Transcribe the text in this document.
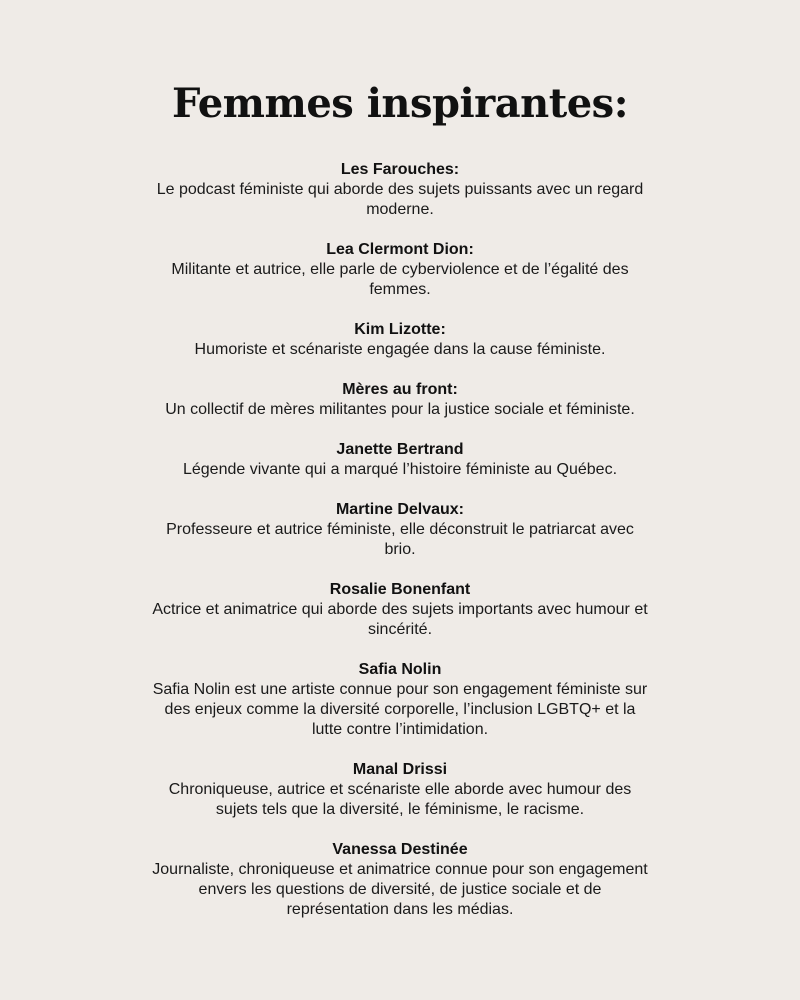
Femmes inspirantes:
Les Farouches:
Le podcast féministe qui aborde des sujets puissants avec un regard moderne.
Lea Clermont Dion:
Militante et autrice, elle parle de cyberviolence et de l’égalité des femmes.
Kim Lizotte:
Humoriste et scénariste engagée dans la cause féministe.
Mères au front:
Un collectif de mères militantes pour la justice sociale et féministe.
Janette Bertrand
Légende vivante qui a marqué l’histoire féministe au Québec.
Martine Delvaux:
Professeure et autrice féministe, elle déconstruit le patriarcat avec brio.
Rosalie Bonenfant
Actrice et animatrice qui aborde des sujets importants avec humour et sincérité.
Safia Nolin
Safia Nolin est une artiste connue pour son engagement féministe sur des enjeux comme la diversité corporelle, l’inclusion LGBTQ+ et la lutte contre l’intimidation.
Manal Drissi
Chroniqueuse, autrice et scénariste elle aborde avec humour des sujets tels que la diversité, le féminisme, le racisme.
Vanessa Destinée
Journaliste, chroniqueuse et animatrice connue pour son engagement envers les questions de diversité, de justice sociale et de représentation dans les médias.
